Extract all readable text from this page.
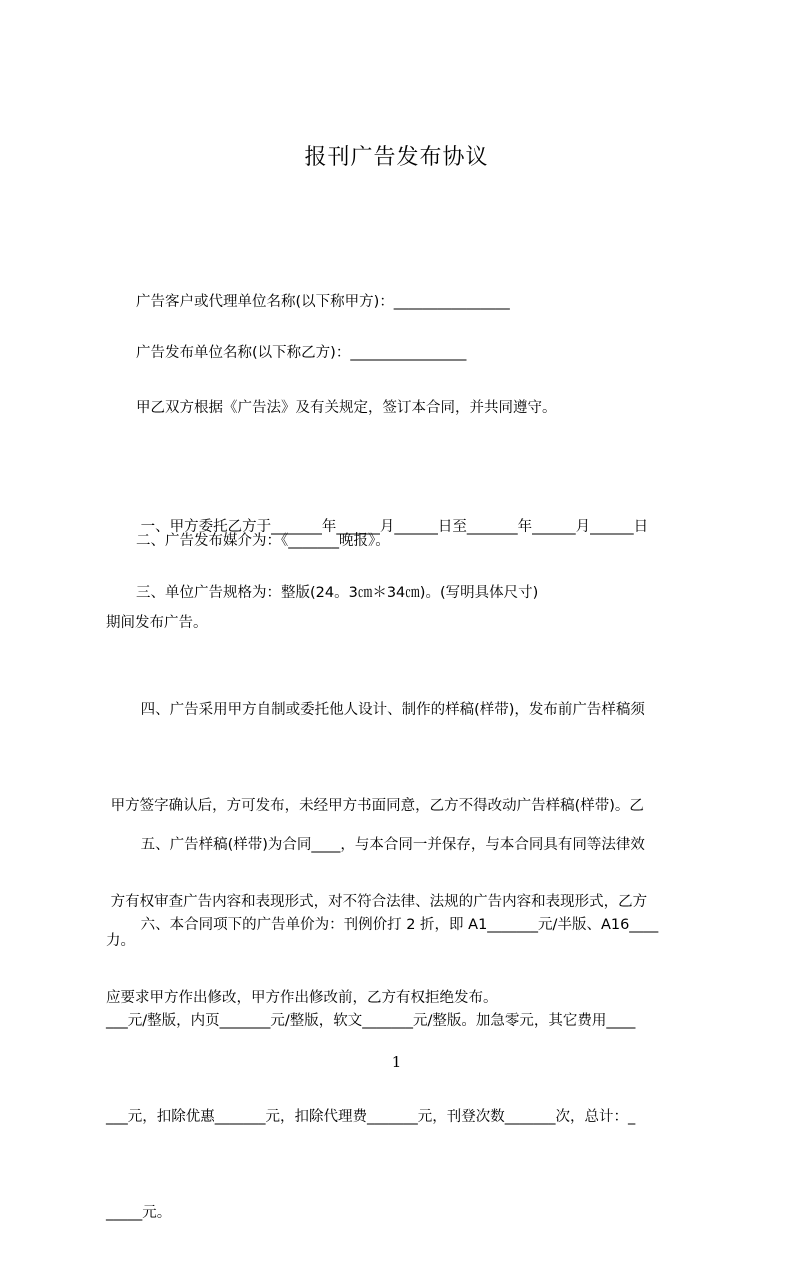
报刊广告发布协议
广告客户或代理单位名称(以下称甲方)：________________
广告发布单位名称(以下称乙方)：________________
甲乙双方根据《广告法》及有关规定，签订本合同，并共同遵守。

一、甲方委托乙方于_______年______月______日至_______年______月______日

期间发布广告。

二、广告发布媒介为：《_______晚报》。
三、单位广告规格为：整版(24。3㎝＊34㎝)。(写明具体尺寸)

四、广告采用甲方自制或委托他人设计、制作的样稿(样带)，发布前广告样稿须

甲方签字确认后，方可发布，未经甲方书面同意，乙方不得改动广告样稿(样带)。乙

方有权审查广告内容和表现形式，对不符合法律、法规的广告内容和表现形式，乙方

应要求甲方作出修改，甲方作出修改前，乙方有权拒绝发布。

五、广告样稿(样带)为合同____，与本合同一并保存，与本合同具有同等法律效

力。

六、本合同项下的广告单价为：刊例价打 2 折，即 A1_______元/半版、A16____

___元/整版，内页_______元/整版，软文_______元/整版。加急零元，其它费用____

___元，扣除优惠_______元，扣除代理费_______元，刊登次数_______次，总计：_

_____元。

1
